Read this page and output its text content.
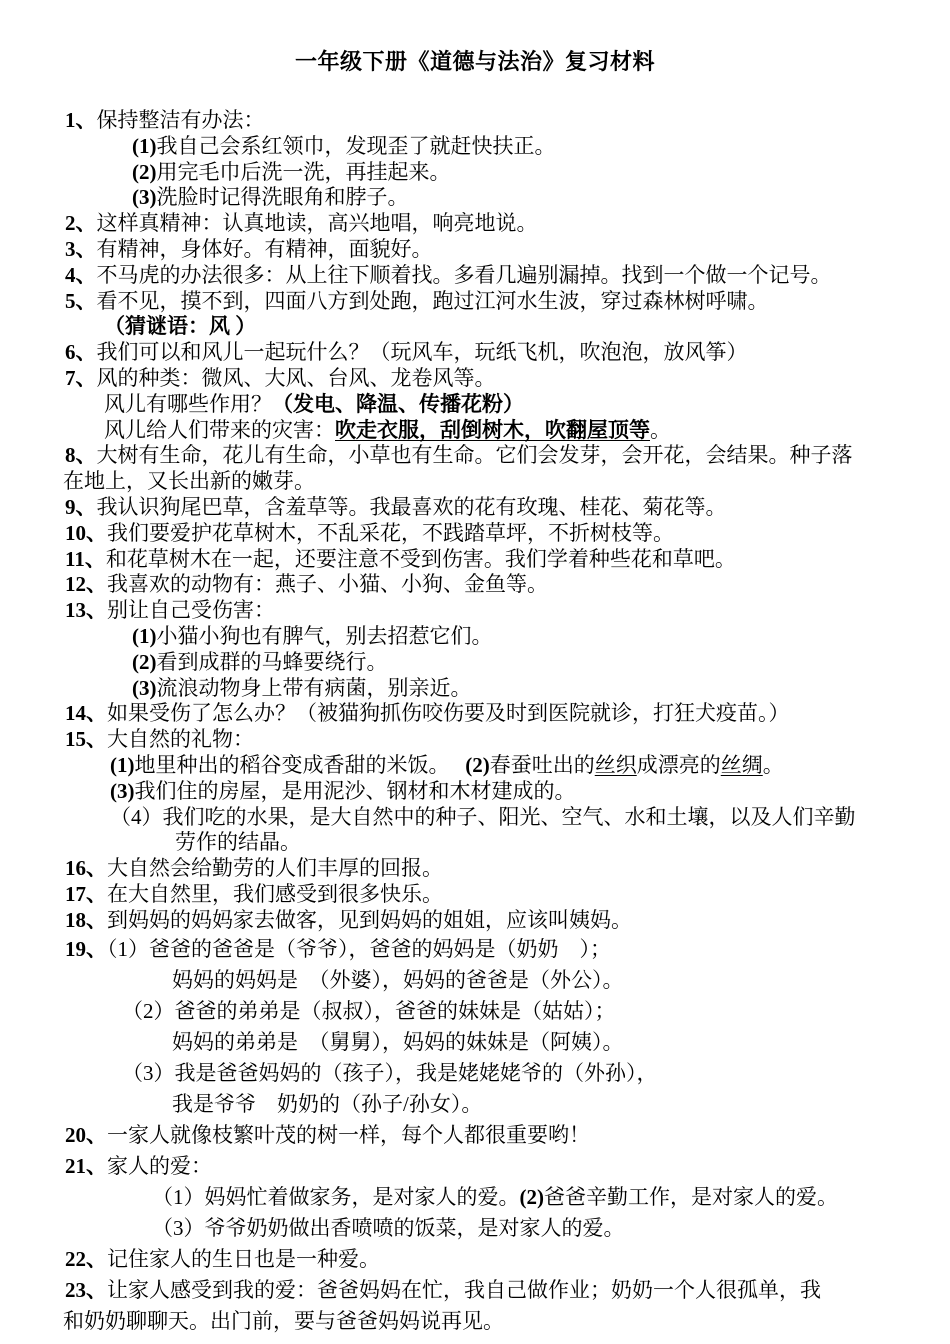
一年级下册《道德与法治》复习材料
1、保持整洁有办法：
(1)我自己会系红领巾，发现歪了就赶快扶正。
(2)用完毛巾后洗一洗，再挂起来。
(3)洗脸时记得洗眼角和脖子。
2、这样真精神：认真地读，高兴地唱，响亮地说。
3、有精神，身体好。有精神，面貌好。
4、不马虎的办法很多：从上往下顺着找。多看几遍别漏掉。找到一个做一个记号。
5、看不见，摸不到，四面八方到处跑，跑过江河水生波，穿过森林树呼啸。
（猜谜语：风 ）
6、我们可以和风儿一起玩什么？（玩风车，玩纸飞机，吹泡泡，放风筝）
7、风的种类：微风、大风、台风、龙卷风等。
风儿有哪些作用？（发电、降温、传播花粉）
风儿给人们带来的灾害：吹走衣服，刮倒树木，吹翻屋顶等。
8、大树有生命，花儿有生命，小草也有生命。它们会发芽，会开花，会结果。种子落
在地上，又长出新的嫩芽。
9、我认识狗尾巴草，含羞草等。我最喜欢的花有玫瑰、桂花、菊花等。
10、我们要爱护花草树木，不乱采花，不践踏草坪，不折树枝等。
11、和花草树木在一起，还要注意不受到伤害。我们学着种些花和草吧。
12、我喜欢的动物有：燕子、小猫、小狗、金鱼等。
13、别让自己受伤害：
(1)小猫小狗也有脾气，别去招惹它们。
(2)看到成群的马蜂要绕行。
(3)流浪动物身上带有病菌，别亲近。
14、如果受伤了怎么办？（被猫狗抓伤咬伤要及时到医院就诊，打狂犬疫苗。）
15、大自然的礼物：
(1)地里种出的稻谷变成香甜的米饭。　 (2)春蚕吐出的丝织成漂亮的丝绸。
(3)我们住的房屋，是用泥沙、钢材和木材建成的。
（4）我们吃的水果，是大自然中的种子、阳光、空气、水和土壤，以及人们辛勤
劳作的结晶。
16、大自然会给勤劳的人们丰厚的回报。
17、在大自然里，我们感受到很多快乐。
18、到妈妈的妈妈家去做客，见到妈妈的姐姐，应该叫姨妈。
19、（1）爸爸的爸爸是（爷爷），爸爸的妈妈是（奶奶　）；
妈妈的妈妈是　（外婆），妈妈的爸爸是（外公）。
（2）爸爸的弟弟是（叔叔），爸爸的妹妹是（姑姑）；
妈妈的弟弟是　（舅舅），妈妈的妹妹是（阿姨）。
（3）我是爸爸妈妈的（孩子），我是姥姥姥爷的（外孙），
我是爷爷　奶奶的（孙子/孙女）。
20、一家人就像枝繁叶茂的树一样，每个人都很重要哟！
21、家人的爱：
（1）妈妈忙着做家务，是对家人的爱。(2)爸爸辛勤工作，是对家人的爱。
（3）爷爷奶奶做出香喷喷的饭菜，是对家人的爱。
22、记住家人的生日也是一种爱。
23、让家人感受到我的爱：爸爸妈妈在忙，我自己做作业；奶奶一个人很孤单，我
和奶奶聊聊天。出门前，要与爸爸妈妈说再见。
